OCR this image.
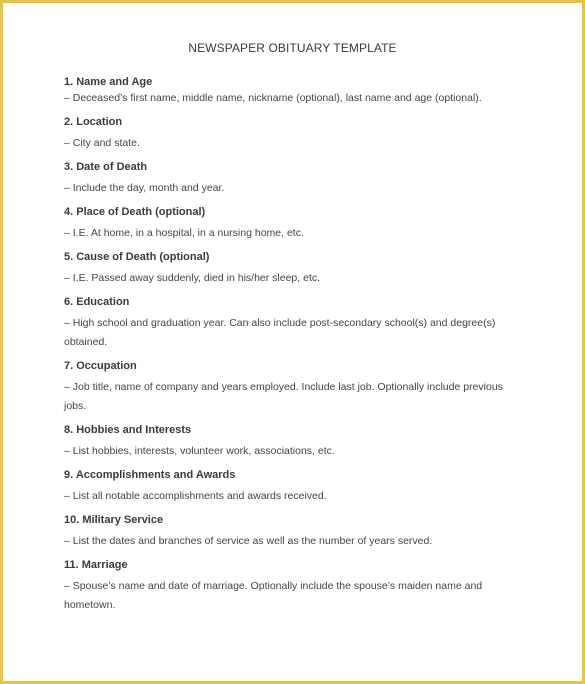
NEWSPAPER OBITUARY TEMPLATE
1. Name and Age
– Deceased’s first name, middle name, nickname (optional), last name and age (optional).
2. Location
– City and state.
3. Date of Death
– Include the day, month and year.
4. Place of Death (optional)
– I.E. At home, in a hospital, in a nursing home, etc.
5. Cause of Death (optional)
– I.E. Passed away suddenly, died in his/her sleep, etc.
6. Education
– High school and graduation year. Can also include post-secondary school(s) and degree(s) obtained.
7. Occupation
– Job title, name of company and years employed. Include last job. Optionally include previous jobs.
8. Hobbies and Interests
– List hobbies, interests, volunteer work, associations, etc.
9. Accomplishments and Awards
– List all notable accomplishments and awards received.
10. Military Service
– List the dates and branches of service as well as the number of years served.
11. Marriage
– Spouse’s name and date of marriage. Optionally include the spouse’s maiden name and hometown.
